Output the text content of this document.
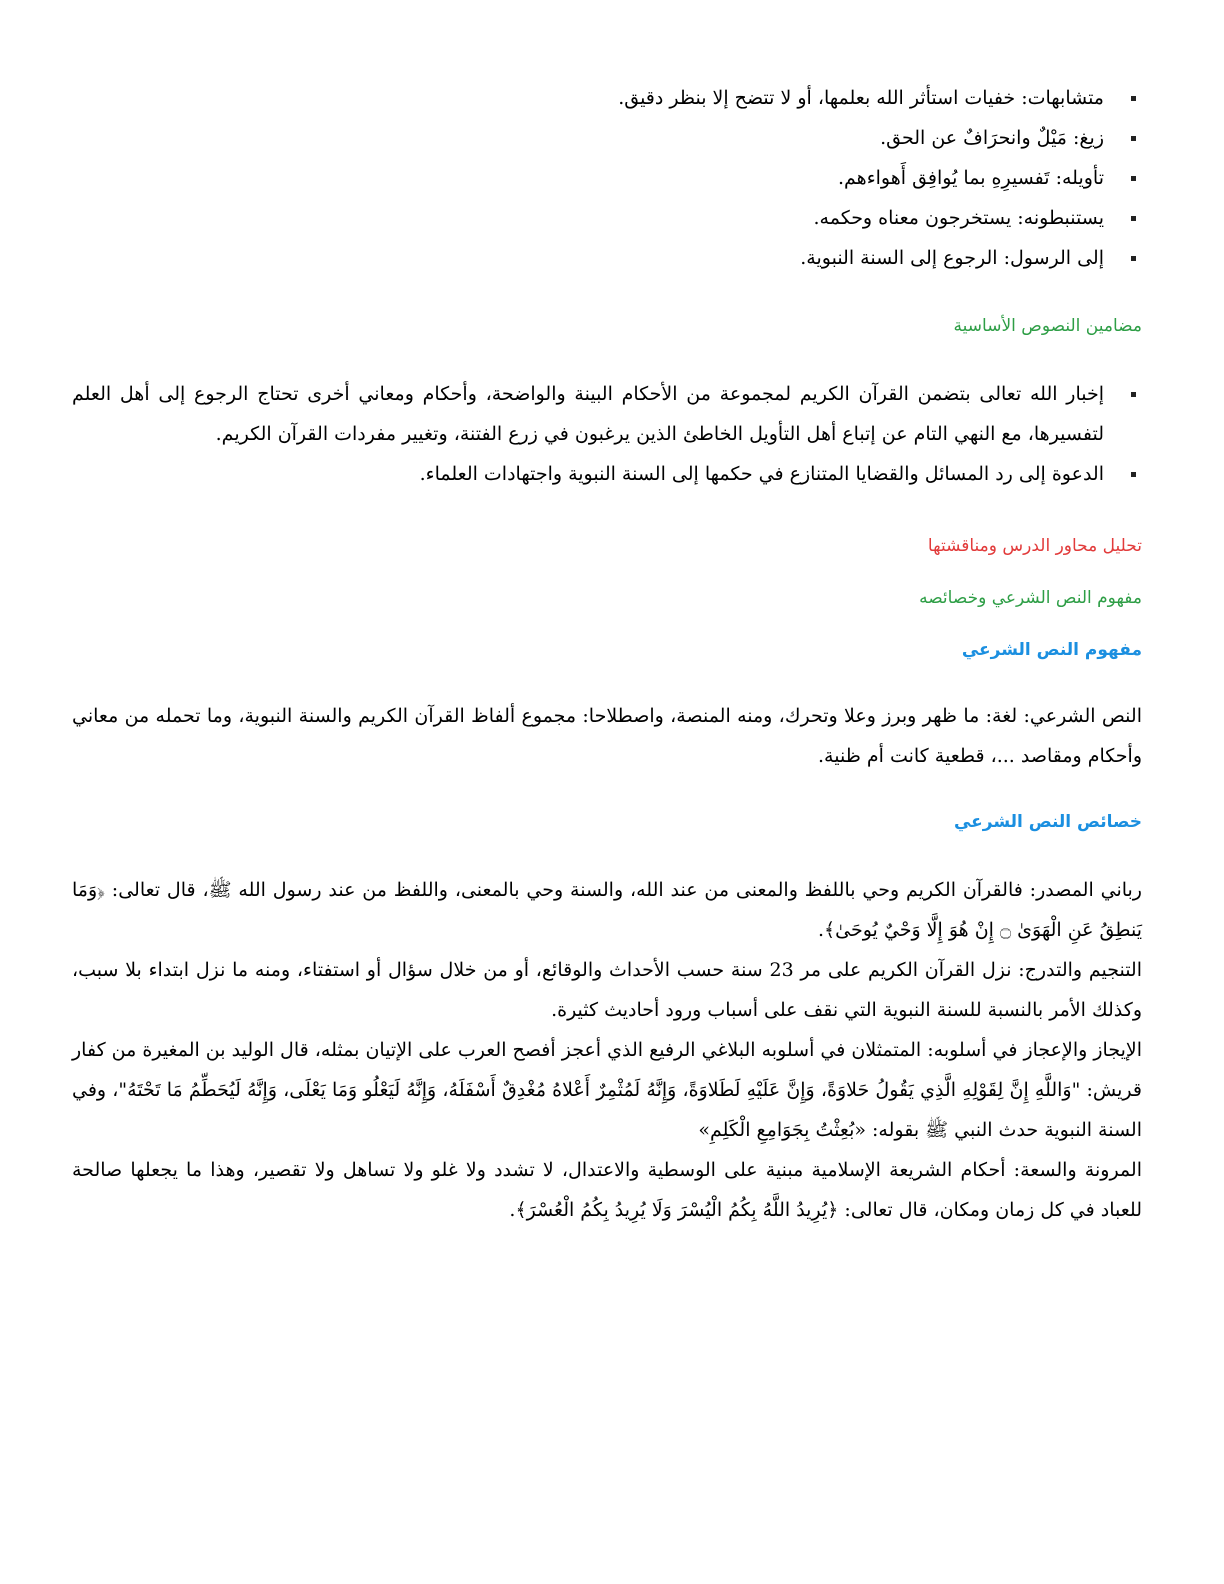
متشابهات: خفيات استأثر الله بعلمها، أو لا تتضح إلا بنظر دقيق.
زيغ: مَيْلٌ وانحرَافٌ عن الحق.
تأويله: تَفسيرِهِ بما يُوافِق أَهواءهم.
يستنبطونه: يستخرجون معناه وحكمه.
إلى الرسول: الرجوع إلى السنة النبوية.

مضامين النصوص الأساسية

إخبار الله تعالى بتضمن القرآن الكريم لمجموعة من الأحكام البينة والواضحة، وأحكام ومعاني أخرى تحتاج الرجوع إلى أهل العلم لتفسيرها، مع النهي التام عن إتباع أهل التأويل الخاطئ الذين يرغبون في زرع الفتنة، وتغيير مفردات القرآن الكريم.
الدعوة إلى رد المسائل والقضايا المتنازع في حكمها إلى السنة النبوية واجتهادات العلماء.

تحليل محاور الدرس ومناقشتها

مفهوم النص الشرعي وخصائصه

مفهوم النص الشرعي

النص الشرعي: لغة: ما ظهر وبرز وعلا وتحرك، ومنه المنصة، واصطلاحا: مجموع ألفاظ القرآن الكريم والسنة النبوية، وما تحمله من معاني وأحكام ومقاصد ...، قطعية كانت أم ظنية.

خصائص النص الشرعي

رباني المصدر: فالقرآن الكريم وحي باللفظ والمعنى من عند الله، والسنة وحي بالمعنى، واللفظ من عند رسول الله ﷺ، قال تعالى: ﴿وَمَا يَنطِقُ عَنِ الْهَوَىٰ ۝ إِنْ هُوَ إِلَّا وَحْيٌ يُوحَىٰ﴾.

التنجيم والتدرج: نزل القرآن الكريم على مر 23 سنة حسب الأحداث والوقائع، أو من خلال سؤال أو استفتاء، ومنه ما نزل ابتداء بلا سبب، وكذلك الأمر بالنسبة للسنة النبوية التي نقف على أسباب ورود أحاديث كثيرة.

الإيجاز والإعجاز في أسلوبه: المتمثلان في أسلوبه البلاغي الرفيع الذي أعجز أفصح العرب على الإتيان بمثله، قال الوليد بن المغيرة من كفار قريش: "وَاللَّهِ إِنَّ لِقَوْلِهِ الَّذِي يَقُولُ حَلاوَةً، وَإِنَّ عَلَيْهِ لَطَلاوَةً، وَإِنَّهُ لَمُثْمِرٌ أَعْلاهُ مُغْدِقٌ أَسْفَلَهُ، وَإِنَّهُ لَيَعْلُو وَمَا يَعْلَى، وَإِنَّهُ لَيُحَطِّمُ مَا تَحْتَهُ"، وفي السنة النبوية حدث النبي ﷺ بقوله: «بُعِثْتُ بِجَوَامِعِ الْكَلِمِ»

المرونة والسعة: أحكام الشريعة الإسلامية مبنية على الوسطية والاعتدال، لا تشدد ولا غلو ولا تساهل ولا تقصير، وهذا ما يجعلها صالحة للعباد في كل زمان ومكان، قال تعالى: ﴿يُرِيدُ اللَّهُ بِكُمُ الْيُسْرَ وَلَا يُرِيدُ بِكُمُ الْعُسْرَ﴾.
